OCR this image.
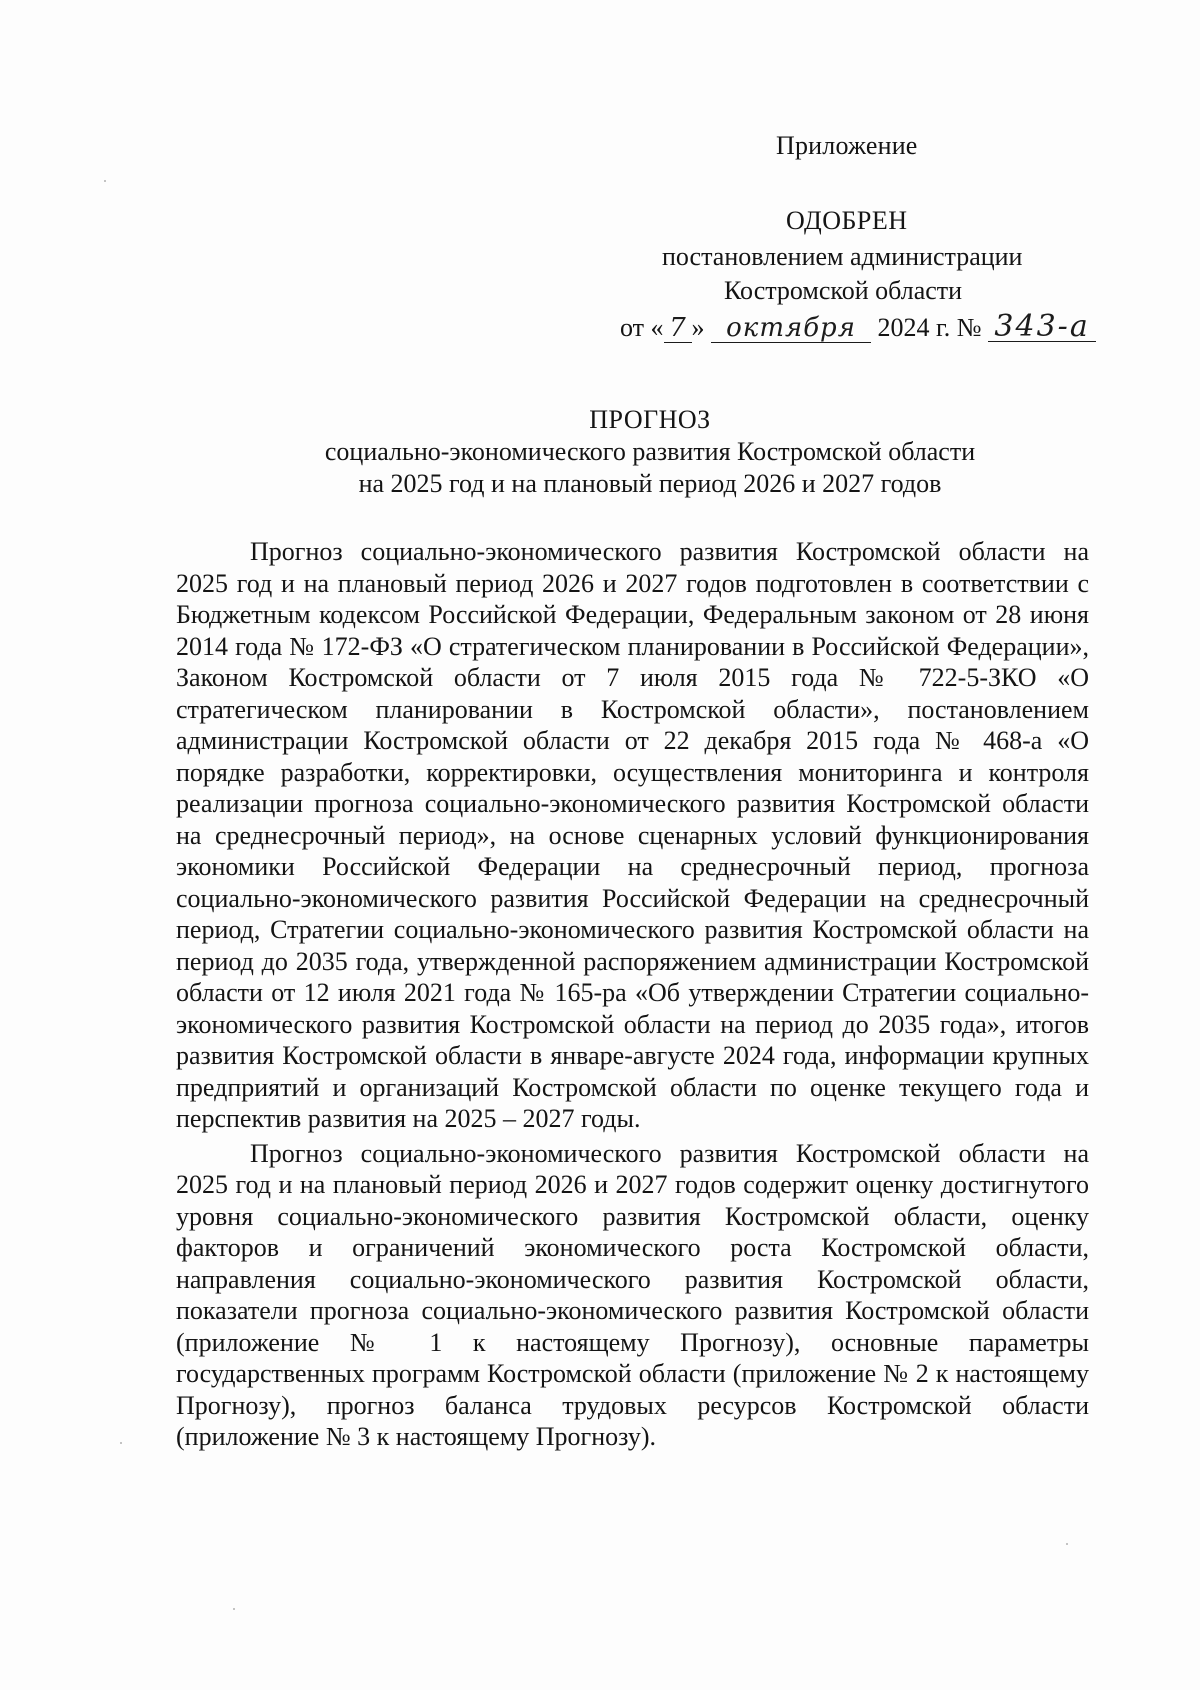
Приложение
ОДОБРЕН
постановлением администрации
Костромской области
от « 7 » октября 2024 г. № 343-а
ПРОГНОЗ
социально-экономического развития Костромской области
на 2025 год и на плановый период 2026 и 2027 годов

Прогноз социально-экономического развития Костромской области на 2025 год и на плановый период 2026 и 2027 годов подготовлен в соответствии с Бюджетным кодексом Российской Федерации, Федеральным законом от 28 июня 2014 года № 172-ФЗ «О стратегическом планировании в Российской Федерации», Законом Костромской области от 7 июля 2015 года № 722-5-ЗКО «О стратегическом планировании в Костромской области», постановлением администрации Костромской области от 22 декабря 2015 года № 468-а «О порядке разработки, корректировки, осуществления мониторинга и контроля реализации прогноза социально-экономического развития Костромской области на среднесрочный период», на основе сценарных условий функционирования экономики Российской Федерации на среднесрочный период, прогноза социально-экономического развития Российской Федерации на среднесрочный период, Стратегии социально-экономического развития Костромской области на период до 2035 года, утвержденной распоряжением администрации Костромской области от 12 июля 2021 года № 165-ра «Об утверждении Стратегии социально-экономического развития Костромской области на период до 2035 года», итогов развития Костромской области в январе-августе 2024 года, информации крупных предприятий и организаций Костромской области по оценке текущего года и перспектив развития на 2025 – 2027 годы.

Прогноз социально-экономического развития Костромской области на 2025 год и на плановый период 2026 и 2027 годов содержит оценку достигнутого уровня социально-экономического развития Костромской области, оценку факторов и ограничений экономического роста Костромской области, направления социально-экономического развития Костромской области, показатели прогноза социально-экономического развития Костромской области (приложение № 1 к настоящему Прогнозу), основные параметры государственных программ Костромской области (приложение № 2 к настоящему Прогнозу), прогноз баланса трудовых ресурсов Костромской области (приложение № 3 к настоящему Прогнозу).
